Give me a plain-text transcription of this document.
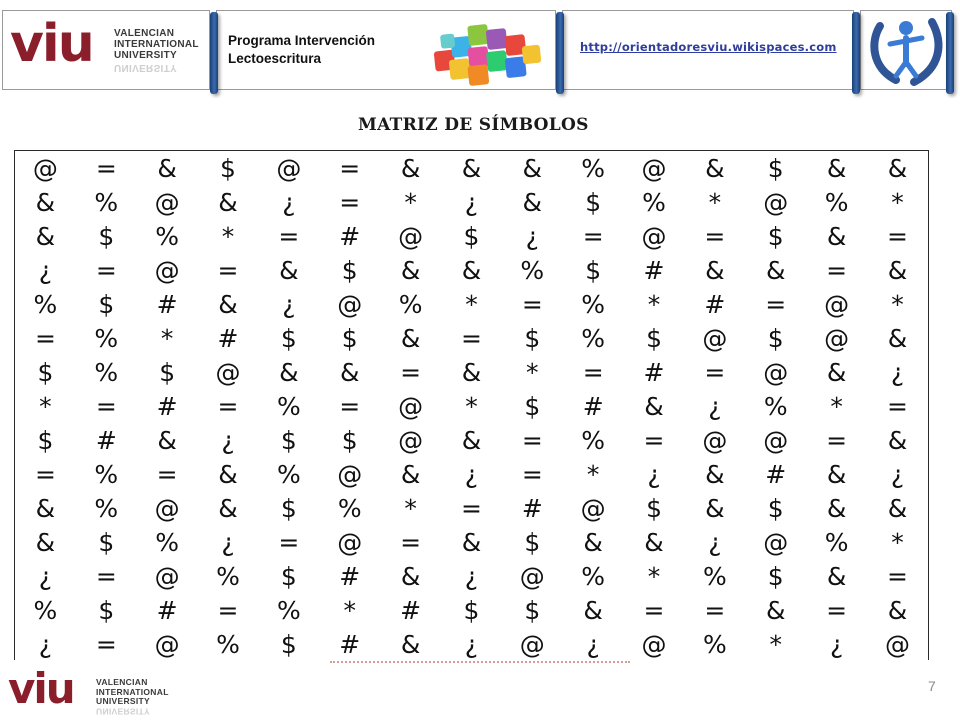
viu VALENCIAN
INTERNATIONAL
UNIVERSITY
UNIVERSITY
Programa Intervención
Lectoescritura
http://orientadoresviu.wikispaces.com
MATRIZ DE SÍMBOLOS
@	=	&	$	@	=	&	&	&	%	@	&	$	&	&
&	%	@	&	¿	=	*	¿	&	$	%	*	@	%	*
&	$	%	*	=	#	@	$	¿	=	@	=	$	&	=
¿	=	@	=	&	$	&	&	%	$	#	&	&	=	&
%	$	#	&	¿	@	%	*	=	%	*	#	=	@	*
=	%	*	#	$	$	&	=	$	%	$	@	$	@	&
$	%	$	@	&	&	=	&	*	=	#	=	@	&	¿
*	=	#	=	%	=	@	*	$	#	&	¿	%	*	=
$	#	&	¿	$	$	@	&	=	%	=	@	@	=	&
=	%	=	&	%	@	&	¿	=	*	¿	&	#	&	¿
&	%	@	&	$	%	*	=	#	@	$	&	$	&	&
&	$	%	¿	=	@	=	&	$	&	&	¿	@	%	*
¿	=	@	%	$	#	&	¿	@	%	*	%	$	&	=
%	$	#	=	%	*	#	$	$	&	=	=	&	=	&
¿	=	@	%	$	#	&	¿	@	¿	@	%	*	¿	@
viu	VALENCIAN
INTERNATIONAL
UNIVERSITY
UNIVERSITY
7
